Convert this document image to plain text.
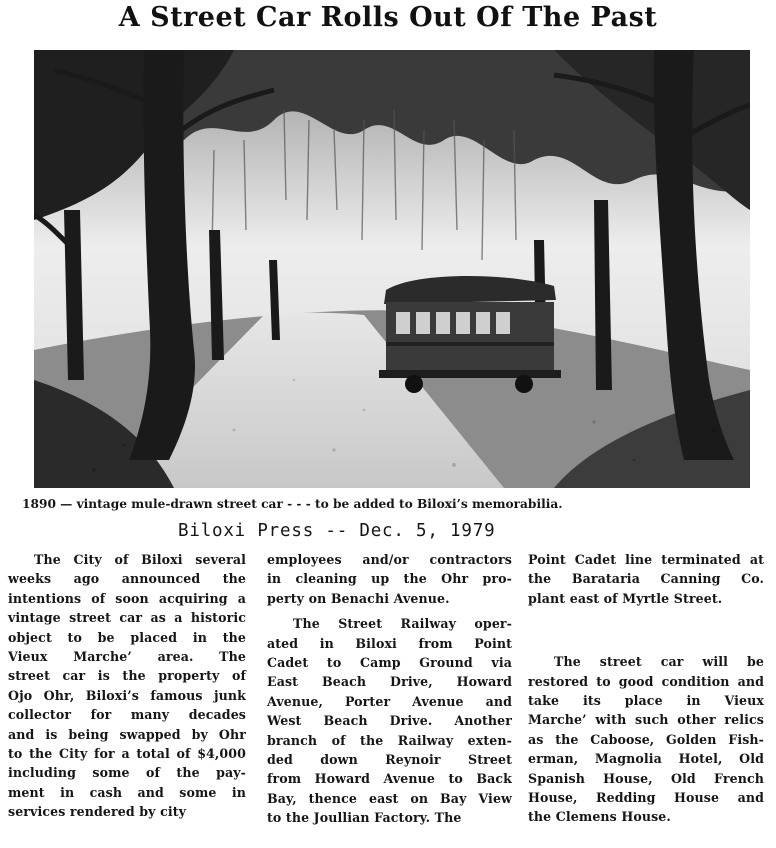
A Street Car Rolls Out Of The Past
1890 — vintage mule-drawn street car - - - to be added to Biloxi’s memorabilia.
Biloxi Press -- Dec. 5, 1979
The City of Biloxi several
weeks ago announced the
intentions of soon acquiring a
vintage street car as a historic
object to be placed in the
Vieux Marche’ area. The
street car is the property of
Ojo Ohr, Biloxi’s famous junk
collector for many decades
and is being swapped by Ohr
to the City for a total of $4,000
including some of the pay-
ment in cash and some in
services rendered by city
employees and/or contractors
in cleaning up the Ohr pro-
perty on Benachi Avenue.
The Street Railway oper-
ated in Biloxi from Point
Cadet to Camp Ground via
East Beach Drive, Howard
Avenue, Porter Avenue and
West Beach Drive. Another
branch of the Railway exten-
ded down Reynoir Street
from Howard Avenue to Back
Bay, thence east on Bay View
to the Joullian Factory. The
Point Cadet line terminated at
the Barataria Canning Co.
plant east of Myrtle Street.
The street car will be
restored to good condition and
take its place in Vieux
Marche’ with such other relics
as the Caboose, Golden Fish-
erman, Magnolia Hotel, Old
Spanish House, Old French
House, Redding House and
the Clemens House.
